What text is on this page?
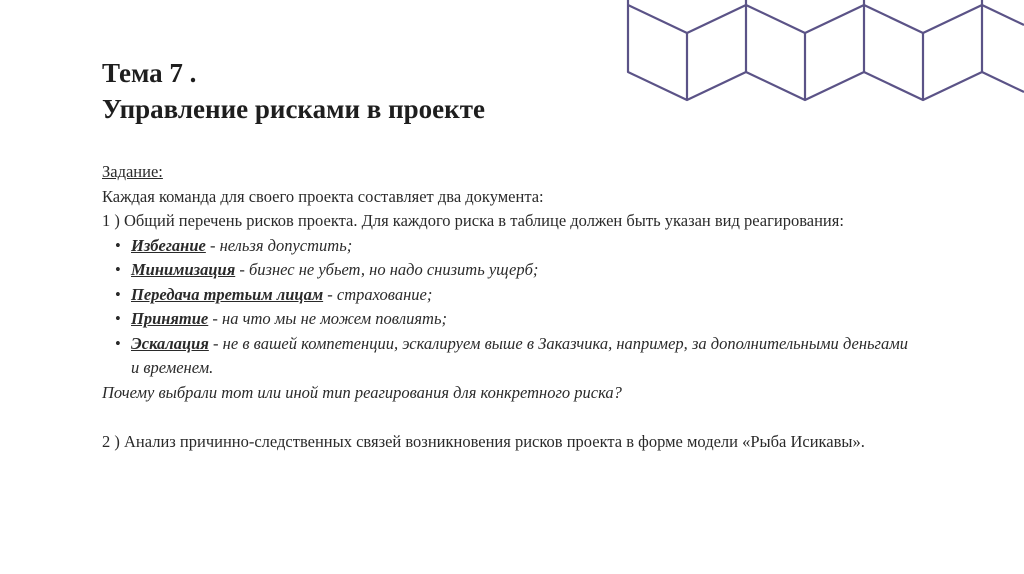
Тема 7 .
Управление рисками в проекте

Задание:

Каждая команда для своего проекта составляет два документа:

1 ) Общий перечень рисков проекта. Для каждого риска в таблице должен быть указан вид реагирования:

• Избегание - нельзя допустить;
• Минимизация - бизнес не убьет, но надо снизить ущерб;
• Передача третьим лицам - страхование;
• Принятие - на что мы не можем повлиять;
• Эскалация - не в вашей компетенции, эскалируем выше в Заказчика, например, за дополнительными деньгами и временем.

Почему выбрали тот или иной тип реагирования для конкретного риска?

2 ) Анализ причинно-следственных связей возникновения рисков проекта в форме модели «Рыба Исикавы».
